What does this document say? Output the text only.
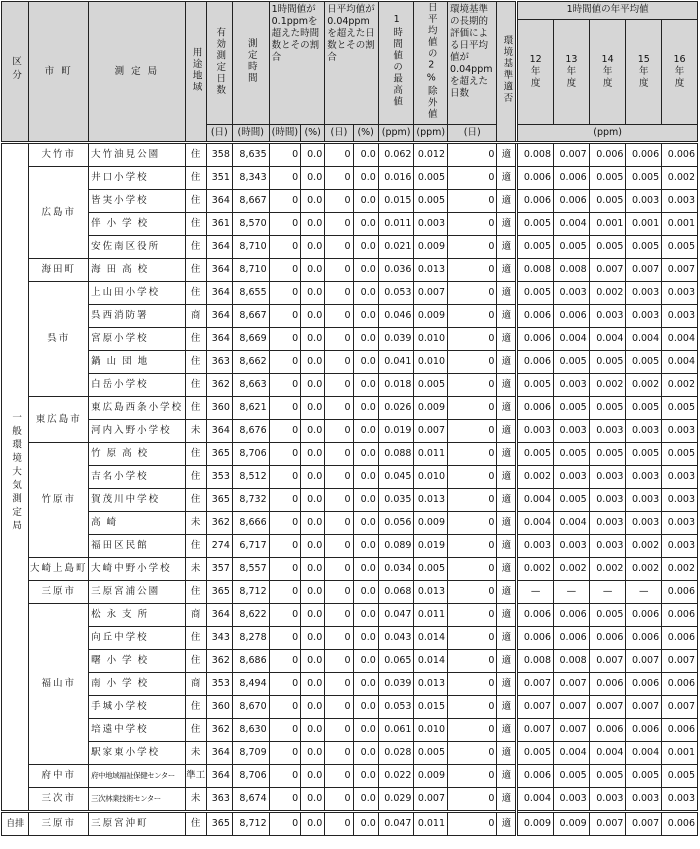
区分	市 町	測 定 局	用途地域	有効測定日数	測定時間	1時間値が0.1ppmを超えた時間数とその割合		日平均値が0.04ppmを超えた日数とその割合		1時間値の最高値	日平均値の2%除外値	環境基準の長期的評価による日平均値が0.04ppmを超えた日数	環境基準適否	1時間値の年平均値				
														12年度	13年度	14年度	15年度	16年度
				(日)	(時間)	(時間)	(%)	(日)	(%)	(ppm)	(ppm)	(日)		(ppm)				
一般環境大気測定局	大竹市	大竹油見公園	住	358	8,635	0	0.0	0	0.0	0.062	0.012	0	適	0.008	0.007	0.006	0.006	0.006
	広島市	井口小学校	住	351	8,343	0	0.0	0	0.0	0.016	0.005	0	適	0.006	0.006	0.005	0.005	0.002
		皆実小学校	住	364	8,667	0	0.0	0	0.0	0.015	0.005	0	適	0.006	0.006	0.005	0.003	0.003
		伴小学校	住	361	8,570	0	0.0	0	0.0	0.011	0.003	0	適	0.005	0.004	0.001	0.001	0.001
		安佐南区役所	住	364	8,710	0	0.0	0	0.0	0.021	0.009	0	適	0.005	0.005	0.005	0.005	0.005
	海田町	海田高校	住	364	8,710	0	0.0	0	0.0	0.036	0.013	0	適	0.008	0.008	0.007	0.007	0.007
	呉市	上山田小学校	住	364	8,655	0	0.0	0	0.0	0.053	0.007	0	適	0.005	0.003	0.002	0.003	0.003
		呉西消防署	商	364	8,667	0	0.0	0	0.0	0.046	0.009	0	適	0.006	0.006	0.003	0.003	0.003
		宮原小学校	住	364	8,669	0	0.0	0	0.0	0.039	0.010	0	適	0.006	0.004	0.004	0.004	0.004
		鍋山団地	住	363	8,662	0	0.0	0	0.0	0.041	0.010	0	適	0.006	0.005	0.005	0.005	0.004
		白岳小学校	住	362	8,663	0	0.0	0	0.0	0.018	0.005	0	適	0.005	0.003	0.002	0.002	0.002
	東広島市	東広島西条小学校	住	360	8,621	0	0.0	0	0.0	0.026	0.009	0	適	0.006	0.005	0.005	0.005	0.005
		河内入野小学校	未	364	8,676	0	0.0	0	0.0	0.019	0.007	0	適	0.003	0.003	0.003	0.003	0.003
	竹原市	竹原高校	住	365	8,706	0	0.0	0	0.0	0.088	0.011	0	適	0.005	0.005	0.005	0.005	0.005
		吉名小学校	住	353	8,512	0	0.0	0	0.0	0.045	0.010	0	適	0.002	0.003	0.003	0.003	0.003
		賀茂川中学校	住	365	8,732	0	0.0	0	0.0	0.035	0.013	0	適	0.004	0.005	0.003	0.003	0.003
		高崎	未	362	8,666	0	0.0	0	0.0	0.056	0.009	0	適	0.004	0.004	0.003	0.003	0.003
		福田区民館	住	274	6,717	0	0.0	0	0.0	0.089	0.019	0	適	0.003	0.003	0.003	0.002	0.003
	大崎上島町	大崎中野小学校	未	357	8,557	0	0.0	0	0.0	0.034	0.005	0	適	0.002	0.002	0.002	0.002	0.002
	三原市	三原宮浦公園	住	365	8,712	0	0.0	0	0.0	0.068	0.013	0	適	—	—	—	—	0.006
	福山市	松永支所	商	364	8,622	0	0.0	0	0.0	0.047	0.011	0	適	0.006	0.006	0.005	0.006	0.006
		向丘中学校	住	343	8,278	0	0.0	0	0.0	0.043	0.014	0	適	0.006	0.006	0.006	0.006	0.006
		曙小学校	住	362	8,686	0	0.0	0	0.0	0.065	0.014	0	適	0.008	0.008	0.007	0.007	0.007
		南小学校	商	353	8,494	0	0.0	0	0.0	0.039	0.013	0	適	0.007	0.007	0.006	0.006	0.006
		手城小学校	住	360	8,670	0	0.0	0	0.0	0.053	0.015	0	適	0.007	0.007	0.007	0.007	0.007
		培遠中学校	住	362	8,630	0	0.0	0	0.0	0.061	0.010	0	適	0.007	0.007	0.006	0.006	0.006
		駅家東小学校	未	364	8,709	0	0.0	0	0.0	0.028	0.005	0	適	0.005	0.004	0.004	0.004	0.001
	府中市	府中地域福祉保健センター	準工	364	8,706	0	0.0	0	0.0	0.022	0.009	0	適	0.006	0.005	0.005	0.005	0.005
	三次市	三次林業技術センター	未	363	8,674	0	0.0	0	0.0	0.029	0.007	0	適	0.004	0.003	0.003	0.003	0.003
自排	三原市	三原宮沖町	住	365	8,712	0	0.0	0	0.0	0.047	0.011	0	適	0.009	0.009	0.007	0.007	0.006
